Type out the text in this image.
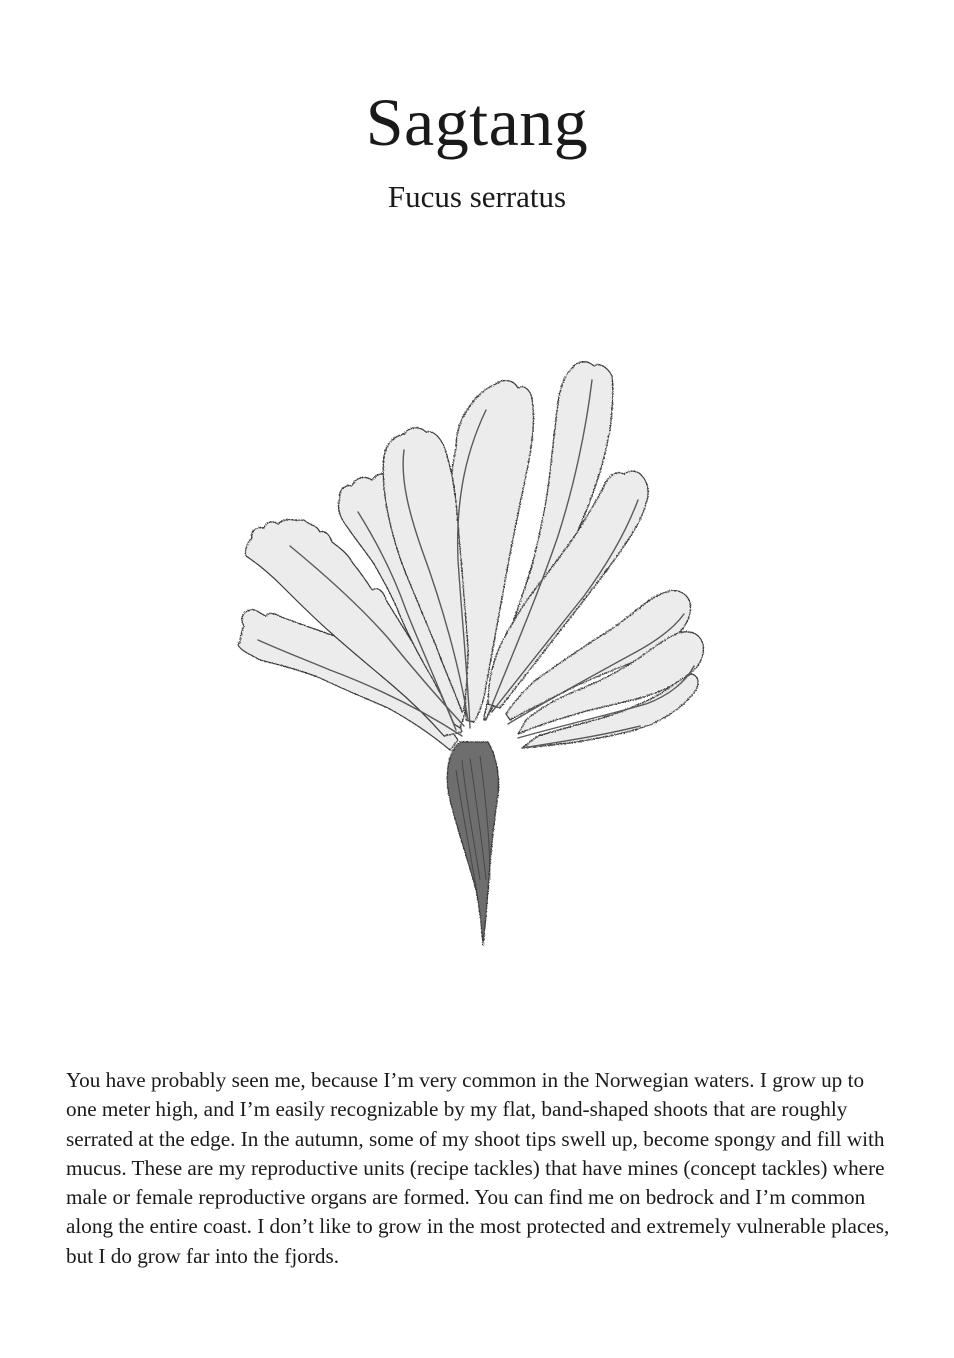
Sagtang
Fucus serratus

You have probably seen me, because I’m very common in the Norwegian waters. I grow up to one meter high, and I’m easily recognizable by my flat, band-shaped shoots that are roughly serrated at the edge. In the autumn, some of my shoot tips swell up, become spongy and fill with mucus. These are my reproductive units (recipe tackles) that have mines (concept tackles) where male or female reproductive organs are formed. You can find me on bedrock and I’m common along the entire coast. I don’t like to grow in the most protected and extremely vulnerable places, but I do grow far into the fjords.
